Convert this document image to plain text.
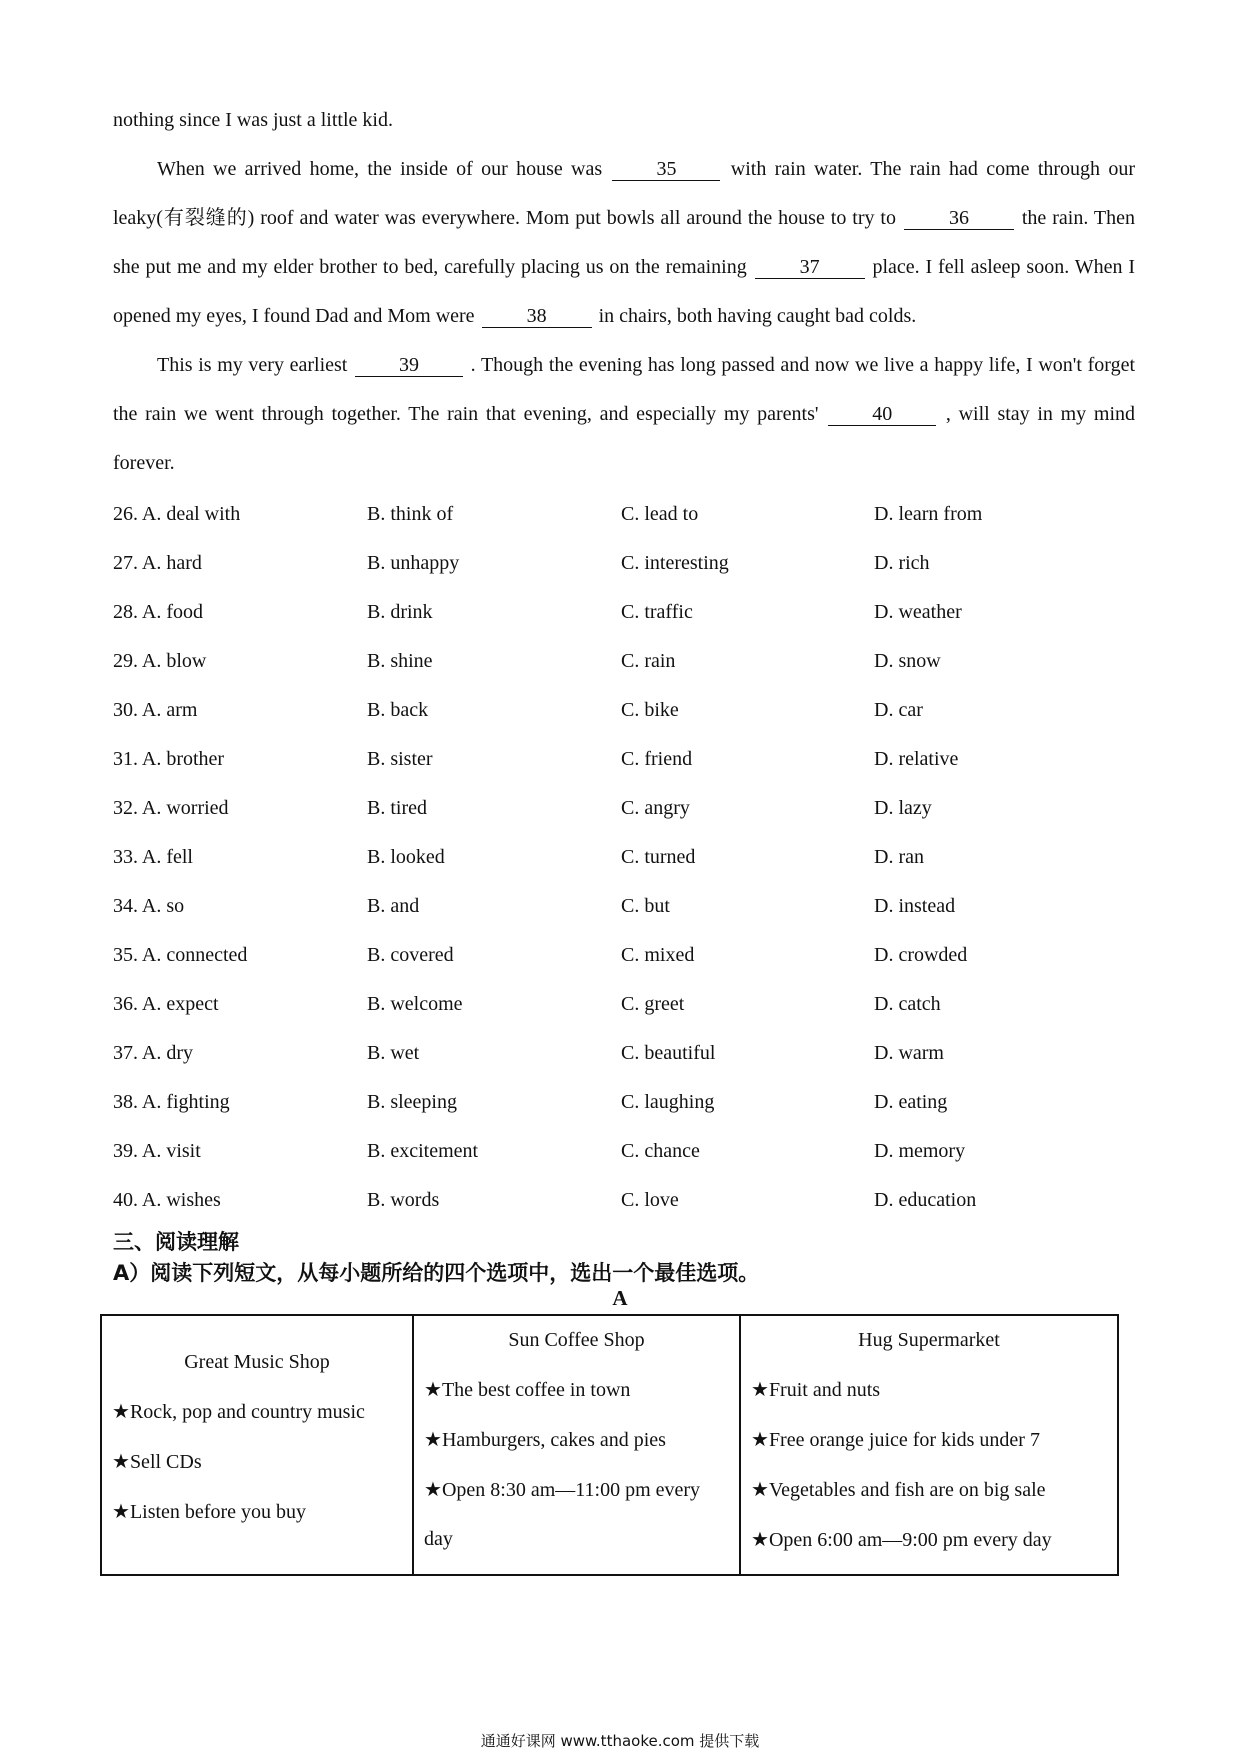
nothing since I was just a little kid.

When we arrived home, the inside of our house was	35	with rain water. The rain had come through our leaky(有裂缝的) roof and water was everywhere. Mom put bowls all around the house to try to	36	the rain. Then she put me and my elder brother to bed, carefully placing us on the remaining	37	place. I fell asleep soon. When I opened my eyes, I found Dad and Mom were	38	in chairs, both having caught bad colds.

This is my very earliest	39	. Though the evening has long passed and now we live a happy life, I won't forget the rain we went through together. The rain that evening, and especially my parents'	40	, will stay in my mind forever.

26. A. deal with	B. think of	C. lead to	D. learn from
27. A. hard	B. unhappy	C. interesting	D. rich
28. A. food	B. drink	C. traffic	D. weather
29. A. blow	B. shine	C. rain	D. snow
30. A. arm	B. back	C. bike	D. car
31. A. brother	B. sister	C. friend	D. relative
32. A. worried	B. tired	C. angry	D. lazy
33. A. fell	B. looked	C. turned	D. ran
34. A. so	B. and	C. but	D. instead
35. A. connected	B. covered	C. mixed	D. crowded
36. A. expect	B. welcome	C. greet	D. catch
37. A. dry	B. wet	C. beautiful	D. warm
38. A. fighting	B. sleeping	C. laughing	D. eating
39. A. visit	B. excitement	C. chance	D. memory
40. A. wishes	B. words	C. love	D. education

三、阅读理解

A）阅读下列短文，从每小题所给的四个选项中，选出一个最佳选项。

A

Great Music Shop
★Rock, pop and country music
★Sell CDs
★Listen before you buy

Sun Coffee Shop
★The best coffee in town
★Hamburgers, cakes and pies
★Open 8:30 am—11:00 pm every day

Hug Supermarket
★Fruit and nuts
★Free orange juice for kids under 7
★Vegetables and fish are on big sale
★Open 6:00 am—9:00 pm every day

通通好课网 www.tthaoke.com 提供下载
